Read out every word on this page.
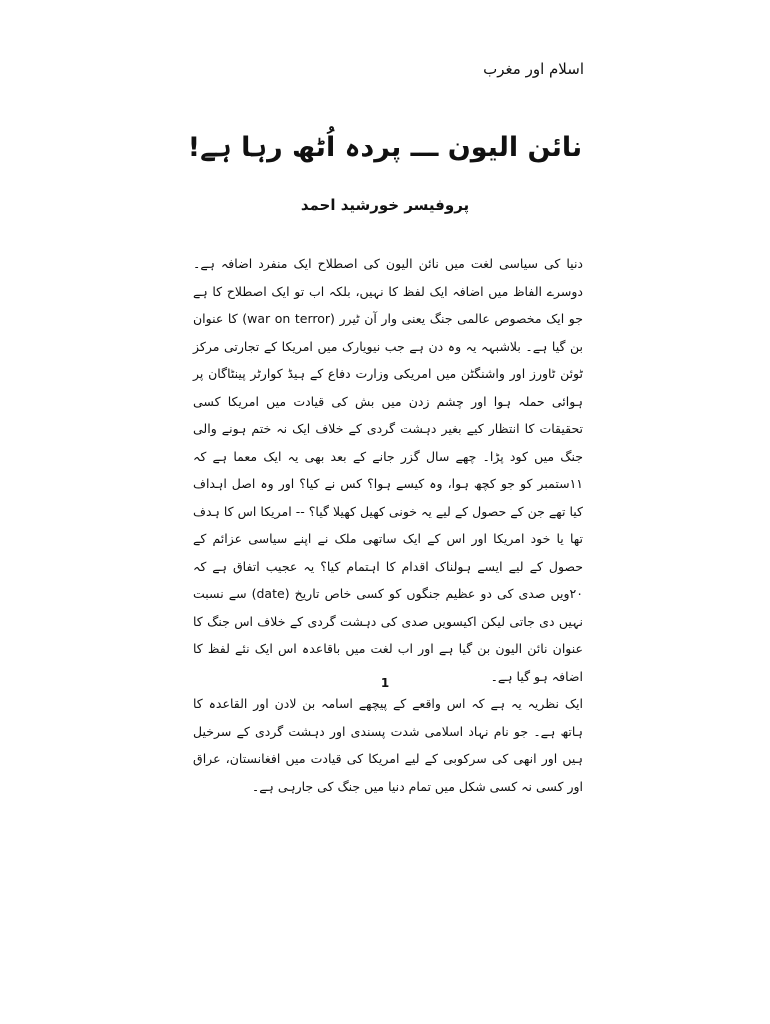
اسلام اور مغرب
نائن الیون ـــ پردہ اُٹھ رہا ہے!
پروفیسر خورشید احمد

دنیا کی سیاسی لغت میں نائن الیون کی اصطلاح ایک منفرد اضافہ ہے۔ دوسرے الفاظ میں اضافہ ایک لفظ کا نہیں، بلکہ اب تو ایک اصطلاح کا ہے جو ایک مخصوص عالمی جنگ یعنی وار آن ٹیرر (war on terror) کا عنوان بن گیا ہے۔ بلاشبہہ یہ وہ دن ہے جب نیویارک میں امریکا کے تجارتی مرکز ٹوئن ٹاورز اور واشنگٹن میں امریکی وزارت دفاع کے ہیڈ کوارٹر پینٹاگان پر ہوائی حملہ ہوا اور چشم زدن میں بش کی قیادت میں امریکا کسی تحقیقات کا انتظار کیے بغیر دہشت گردی کے خلاف ایک نہ ختم ہونے والی جنگ میں کود پڑا۔ چھے سال گزر جانے کے بعد بھی یہ ایک معما ہے کہ ۱۱ستمبر کو جو کچھ ہوا، وہ کیسے ہوا؟ کس نے کیا؟ اور وہ اصل اہداف کیا تھے جن کے حصول کے لیے یہ خونی کھیل کھیلا گیا؟ -- امریکا اس کا ہدف تھا یا خود امریکا اور اس کے ایک ساتھی ملک نے اپنے سیاسی عزائم کے حصول کے لیے ایسے ہولناک اقدام کا اہتمام کیا؟ یہ عجیب اتفاق ہے کہ ۲۰ویں صدی کی دو عظیم جنگوں کو کسی خاص تاریخ (date) سے نسبت نہیں دی جاتی لیکن اکیسویں صدی کی دہشت گردی کے خلاف اس جنگ کا عنوان نائن الیون بن گیا ہے اور اب لغت میں باقاعدہ اس ایک نئے لفظ کا اضافہ ہو گیا ہے۔

ایک نظریہ یہ ہے کہ اس واقعے کے پیچھے اسامہ بن لادن اور القاعدہ کا ہاتھ ہے۔ جو نام نہاد اسلامی شدت پسندی اور دہشت گردی کے سرخیل ہیں اور انھی کی سرکوبی کے لیے امریکا کی قیادت میں افغانستان، عراق اور کسی نہ کسی شکل میں تمام دنیا میں جنگ کی جارہی ہے۔

1
